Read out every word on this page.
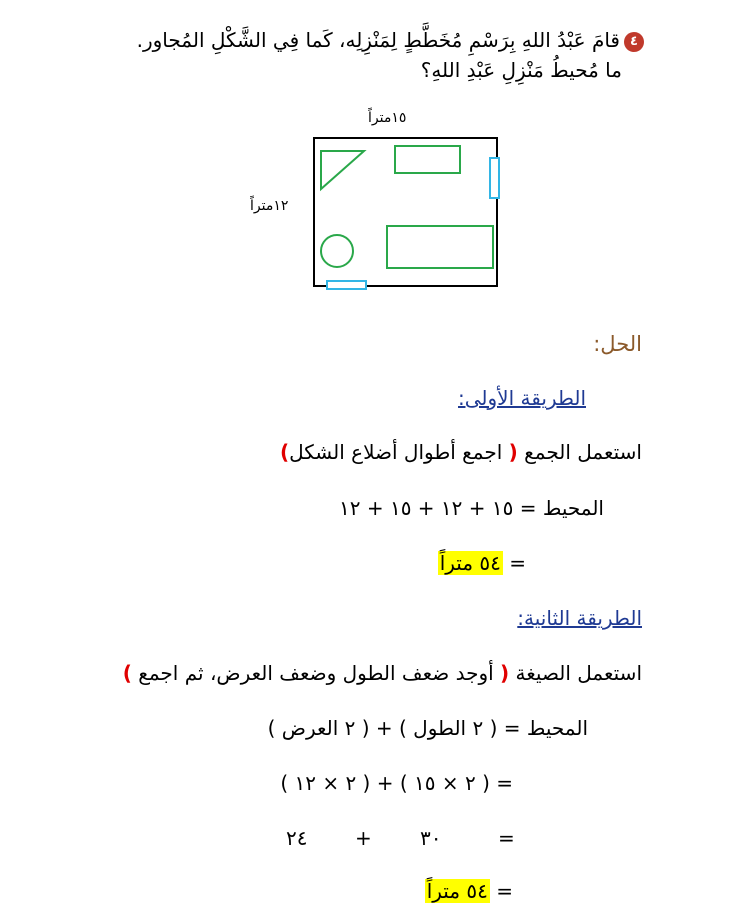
​
٤قامَ عَبْدُ اللهِ بِرَسْمِ مُخَطَّطٍ لِمَنْزِلِه، كَما فِي الشَّكْلِ المُجاور.
ما مُحيطُ مَنْزِلِ عَبْدِ اللهِ؟
١٥متراً
١٢متراً
الحل:
الطريقة الأولى:
استعمل الجمع ( اجمع أطوال أضلاع الشكل)
المحيط = ١٥ + ١٢ + ١٥ + ١٢
= ٥٤ متراً
الطريقة الثانية:
استعمل الصيغة ( أوجد ضعف الطول وضعف العرض، ثم اجمع )
المحيط = ( ٢ الطول ) + ( ٢ العرض )
= ( ٢ × ١٥ ) + ( ٢ × ١٢ )
=
٣٠
+
٢٤
= ٥٤ متراً
